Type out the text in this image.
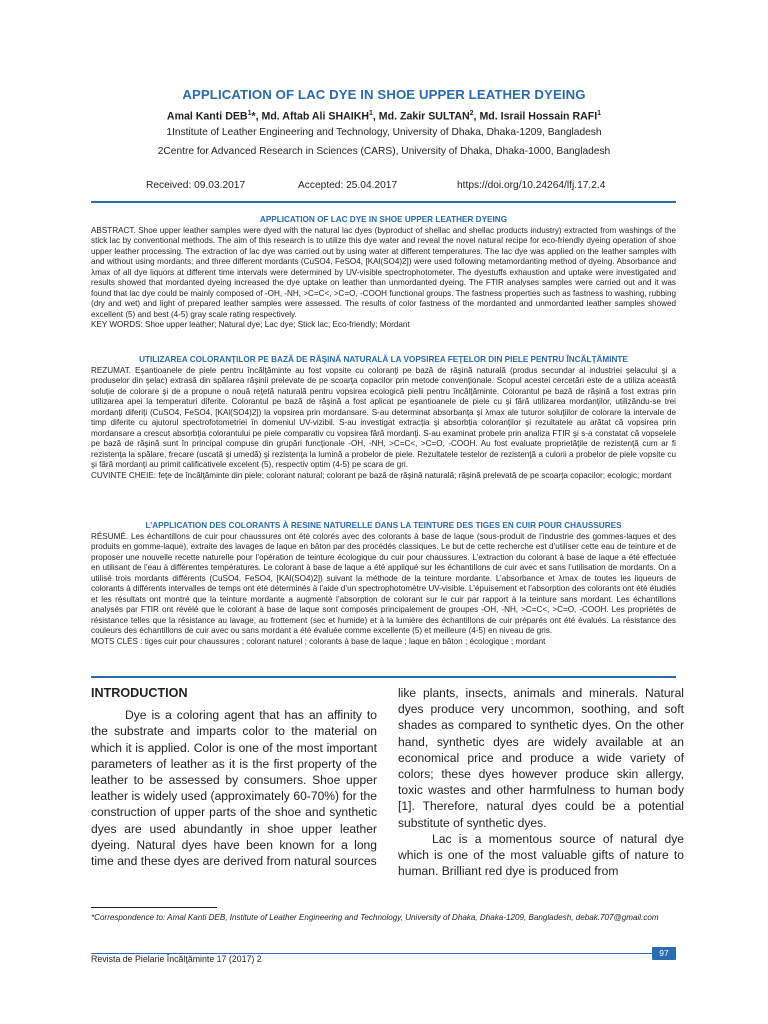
APPLICATION OF LAC DYE IN SHOE UPPER LEATHER DYEING
Amal Kanti DEB$^1$*, Md. Aftab Ali SHAIKH$^1$, Md. Zakir SULTAN$^2$, Md. Israil Hossain RAFI$^1$
1Institute of Leather Engineering and Technology, University of Dhaka, Dhaka-1209, Bangladesh
2Centre for Advanced Research in Sciences (CARS), University of Dhaka, Dhaka-1000, Bangladesh
Received: 09.03.2017	Accepted: 25.04.2017	https://doi.org/10.24264/lfj.17.2.4
APPLICATION OF LAC DYE IN SHOE UPPER LEATHER DYEING

ABSTRACT. Shoe upper leather samples were dyed with the natural lac dyes (byproduct of shellac and shellac products industry) extracted from washings of the stick lac by conventional methods. The aim of this research is to utilize this dye water and reveal the novel natural recipe for eco-friendly dyeing operation of shoe upper leather processing. The extraction of lac dye was carried out by using water at different temperatures. The lac dye was applied on the leather samples with and without using mordants; and three different mordants (CuSO4, FeSO4, [KAl(SO4)2]) were used following metamordanting method of dyeing. Absorbance and λmax of all dye liquors at different time intervals were determined by UV-visible spectrophotometer. The dyestuffs exhaustion and uptake were investigated and results showed that mordanted dyeing increased the dye uptake on leather than unmordanted dyeing. The FTIR analyses samples were carried out and it was found that lac dye could be mainly composed of -OH, -NH, >C=C<, >C=O, -COOH functional groups. The fastness properties such as fastness to washing, rubbing (dry and wet) and light of prepared leather samples were assessed. The results of color fastness of the mordanted and unmordanted leather samples showed excellent (5) and best (4-5) gray scale rating respectively.

KEY WORDS: Shoe upper leather; Natural dye; Lac dye; Stick lac; Eco-friendly; Mordant

UTILIZAREA COLORANŢILOR PE BAZĂ DE RĂŞINĂ NATURALĂ LA VOPSIREA FEŢELOR DIN PIELE PENTRU ÎNCĂLŢĂMINTE

REZUMAT. Eşantioanele de piele pentru încălţăminte au fost vopsite cu coloranţi pe bază de răşină naturală (produs secundar al industriei şelacului şi a produselor din şelac) extrasă din spălarea răşinii prelevate de pe scoarţa copacilor prin metode convenţionale. Scopul acestei cercetări este de a utiliza această soluţie de colorare şi de a propune o nouă reţetă naturală pentru vopsirea ecologică pielii pentru încălţăminte. Colorantul pe bază de răşină a fost extras prin utilizarea apei la temperaturi diferite. Colorantul pe bază de răşină a fost aplicat pe eşantioanele de piele cu şi fără utilizarea mordanţilor, utilizându-se trei mordanţi diferiţi (CuSO4, FeSO4, [KAl(SO4)2]) la vopsirea prin mordansare. S-au determinat absorbanţa şi λmax ale tuturor soluţiilor de colorare la intervale de timp diferite cu ajutorul spectrofotometriei în domeniul UV-vizibil. S-au investigat extracţia şi absorbţia coloranţilor şi rezultatele au arătat că vopsirea prin mordansare a crescut absorbţia colorantului pe piele comparativ cu vopsirea fără mordanţi. S-au examinat probele prin analiza FTIR şi s-a constatat că vopselele pe bază de răşină sunt în principal compuse din grupări funcţionale -OH, -NH, >C=C<, >C=O, -COOH. Au fost evaluate proprietăţile de rezistenţă cum ar fi rezistenţa la spălare, frecare (uscată şi umedă) şi rezistenţa la lumină a probelor de piele. Rezultatele testelor de rezistenţă a culorii a probelor de piele vopsite cu şi fără mordanţi au primit calificativele excelent (5), respectiv optim (4-5) pe scara de gri.

CUVINTE CHEIE: feţe de încălţăminte din piele; colorant natural; colorant pe bază de răşină naturală; răşină prelevată de pe scoarţa copacilor; ecologic; mordant

L’APPLICATION DES COLORANTS À RESINE NATURELLE DANS LA TEINTURE DES TIGES EN CUIR POUR CHAUSSURES

RÉSUMÉ. Les échantillons de cuir pour chaussures ont été colorés avec des colorants à base de laque (sous-produit de l’industrie des gommes-laques et des produits en gomme-laque), extraite des lavages de laque en bâton par des procédés classiques. Le but de cette recherche est d’utiliser cette eau de teinture et de proposer une nouvelle recette naturelle pour l’opération de teinture écologique du cuir pour chaussures. L’extraction du colorant à base de laque a été effectuée en utilisant de l’eau à différentes températures. Le colorant à base de laque a été appliqué sur les échantillons de cuir avec et sans l’utilisation de mordants. On a utilisé trois mordants différents (CuSO4, FeSO4, [KAl(SO4)2]) suivant la méthode de la teinture mordante. L’absorbance et λmax de toutes les liqueurs de colorants à différents intervalles de temps ont été déterminés à l’aide d’un spectrophotomètre UV-visible. L’épuisement et l’absorption des colorants ont été étudiés et les résultats ont montré que la teinture mordante a augmenté l’absorption de colorant sur le cuir par rapport à la teinture sans mordant. Les échantillons analysés par FTIR ont révélé que le colorant à base de laque sont composés principalement de groupes -OH, -NH, >C=C<, >C=O, -COOH. Les propriétés de résistance telles que la résistance au lavage, au frottement (sec et humide) et à la lumière des échantillons de cuir préparés ont été évalués. La résistance des couleurs des échantillons de cuir avec ou sans mordant a été évaluée comme excellente (5) et meilleure (4-5) en niveau de gris.

MOTS CLÉS : tiges cuir pour chaussures ; colorant naturel ; colorants à base de laque ; laque en bâton ; écologique ; mordant

INTRODUCTION

Dye is a coloring agent that has an affinity to the substrate and imparts color to the material on which it is applied. Color is one of the most important parameters of leather as it is the first property of the leather to be assessed by consumers. Shoe upper leather is widely used (approximately 60-70%) for the construction of upper parts of the shoe and synthetic dyes are used abundantly in shoe upper leather dyeing. Natural dyes have been known for a long time and these dyes are derived from natural sources

like plants, insects, animals and minerals. Natural dyes produce very uncommon, soothing, and soft shades as compared to synthetic dyes. On the other hand, synthetic dyes are widely available at an economical price and produce a wide variety of colors; these dyes however produce skin allergy, toxic wastes and other harmfulness to human body [1]. Therefore, natural dyes could be a potential substitute of synthetic dyes.

Lac is a momentous source of natural dye which is one of the most valuable gifts of nature to human. Brilliant red dye is produced from

*Correspondence to: Amal Kanti DEB, Institute of Leather Engineering and Technology, University of Dhaka, Dhaka-1209, Bangladesh, debak.707@gmail.com
97
Revista de Pielarie Încălţăminte 17 (2017) 2
